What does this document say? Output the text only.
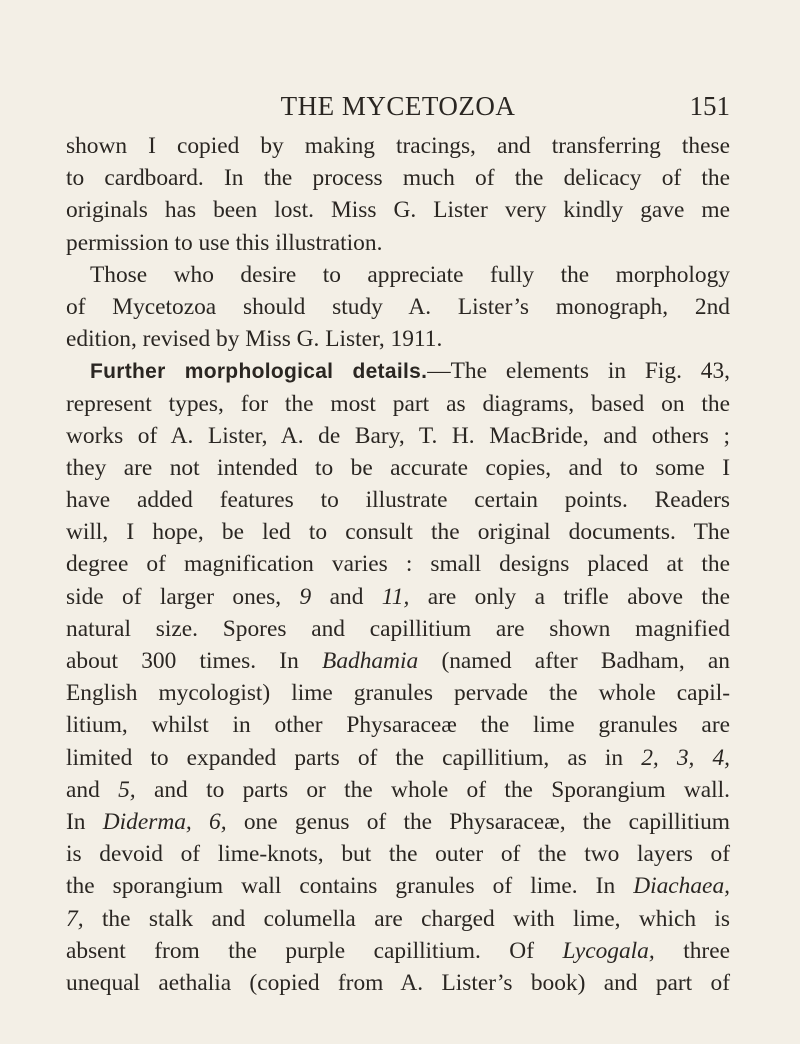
THE MYCETOZOA	151
shown I copied by making tracings, and transferring these
to cardboard. In the process much of the delicacy of the
originals has been lost. Miss G. Lister very kindly gave me
permission to use this illustration.
Those who desire to appreciate fully the morphology
of Mycetozoa should study A. Lister’s monograph, 2nd
edition, revised by Miss G. Lister, 1911.
Further morphological details.—The elements in Fig. 43,
represent types, for the most part as diagrams, based on the
works of A. Lister, A. de Bary, T. H. MacBride, and others ;
they are not intended to be accurate copies, and to some I
have added features to illustrate certain points. Readers
will, I hope, be led to consult the original documents. The
degree of magnification varies : small designs placed at the
side of larger ones, 9 and 11, are only a trifle above the
natural size. Spores and capillitium are shown magnified
about 300 times. In Badhamia (named after Badham, an
English mycologist) lime granules pervade the whole capil-
litium, whilst in other Physaraceæ the lime granules are
limited to expanded parts of the capillitium, as in 2, 3, 4,
and 5, and to parts or the whole of the Sporangium wall.
In Diderma, 6, one genus of the Physaraceæ, the capillitium
is devoid of lime-knots, but the outer of the two layers of
the sporangium wall contains granules of lime. In Diachaea,
7, the stalk and columella are charged with lime, which is
absent from the purple capillitium. Of Lycogala, three
unequal aethalia (copied from A. Lister’s book) and part of
